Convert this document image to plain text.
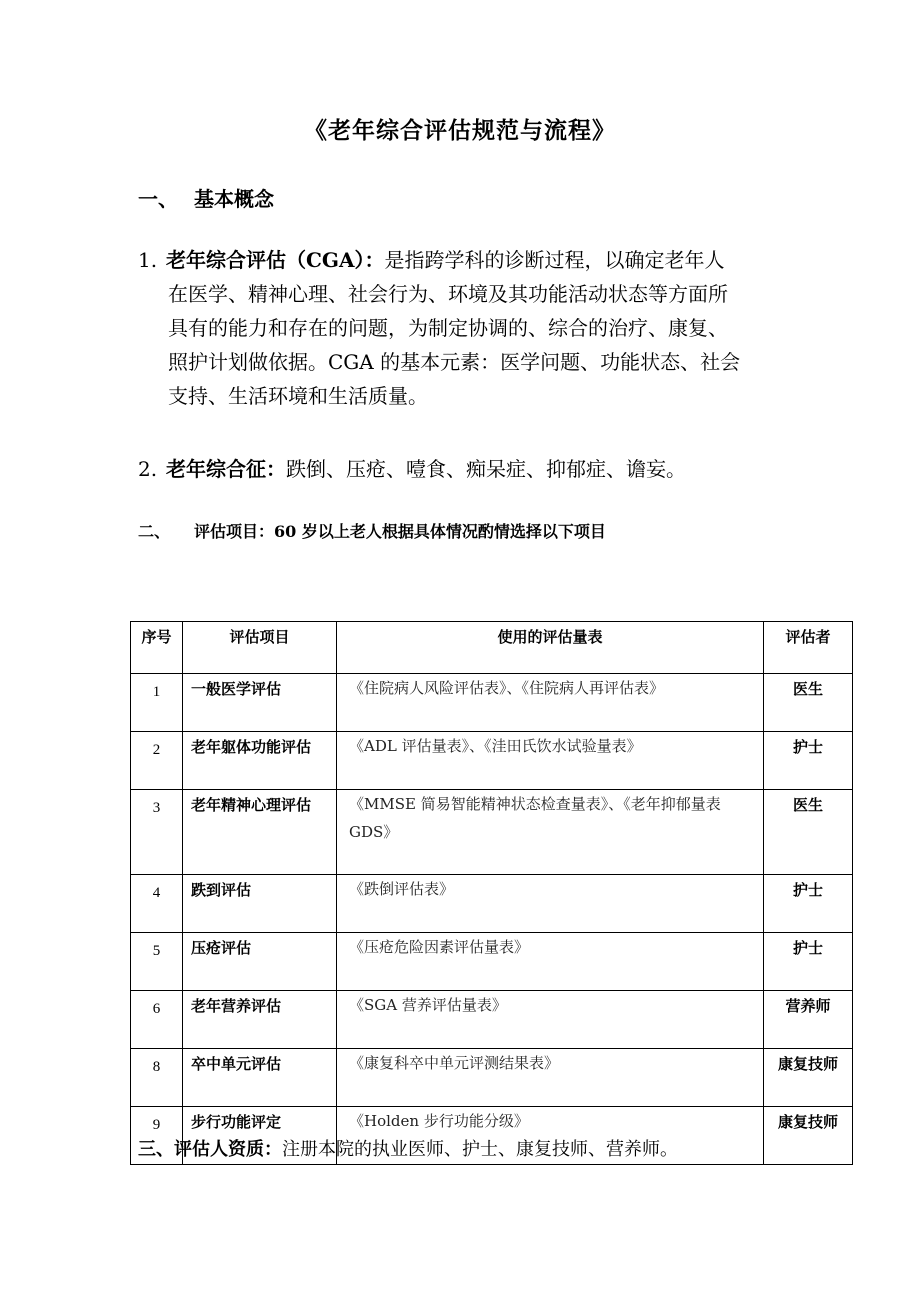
《老年综合评估规范与流程》
一、 基本概念
1. 老年综合评估（CGA）：是指跨学科的诊断过程，以确定老年人
在医学、精神心理、社会行为、环境及其功能活动状态等方面所
具有的能力和存在的问题，为制定协调的、综合的治疗、康复、
照护计划做依据。CGA 的基本元素：医学问题、功能状态、社会
支持、生活环境和生活质量。
2. 老年综合征：跌倒、压疮、噎食、痴呆症、抑郁症、谵妄。
二、 评估项目：60 岁以上老人根据具体情况酌情选择以下项目
序号	评估项目	使用的评估量表	评估者
1	一般医学评估	《住院病人风险评估表》、《住院病人再评估表》	医生
2	老年躯体功能评估	《ADL 评估量表》、《洼田氏饮水试验量表》	护士
3	老年精神心理评估	《MMSE 简易智能精神状态检查量表》、《老年抑郁量表 GDS》	医生
4	跌到评估	《跌倒评估表》	护士
5	压疮评估	《压疮危险因素评估量表》	护士
6	老年营养评估	《SGA 营养评估量表》	营养师
8	卒中单元评估	《康复科卒中单元评测结果表》	康复技师
9	步行功能评定	《Holden 步行功能分级》	康复技师
三、评估人资质：注册本院的执业医师、护士、康复技师、营养师。
